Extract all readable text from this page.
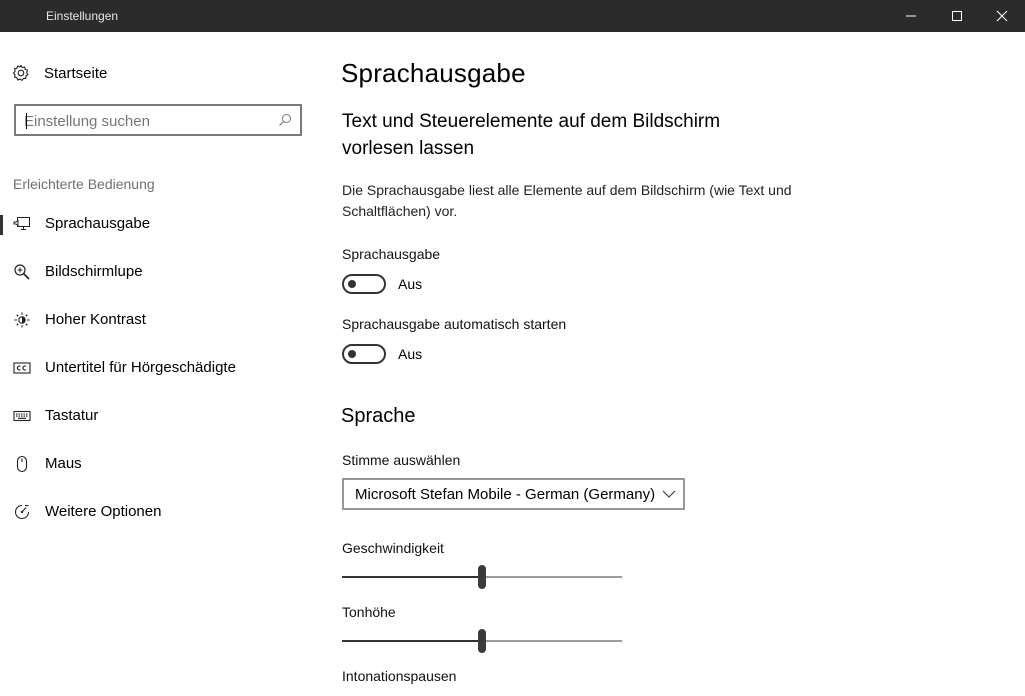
Einstellungen
Startseite
Einstellung suchen
Erleichterte Bedienung
Sprachausgabe
Bildschirmlupe
Hoher Kontrast
Untertitel für Hörgeschädigte
Tastatur
Maus
Weitere Optionen
Sprachausgabe
Text und Steuerelemente auf dem Bildschirm vorlesen lassen
Die Sprachausgabe liest alle Elemente auf dem Bildschirm (wie Text und Schaltflächen) vor.
Sprachausgabe
Aus
Sprachausgabe automatisch starten
Aus
Sprache
Stimme auswählen
Microsoft Stefan Mobile - German (Germany)
Geschwindigkeit
Tonhöhe
Intonationspausen
